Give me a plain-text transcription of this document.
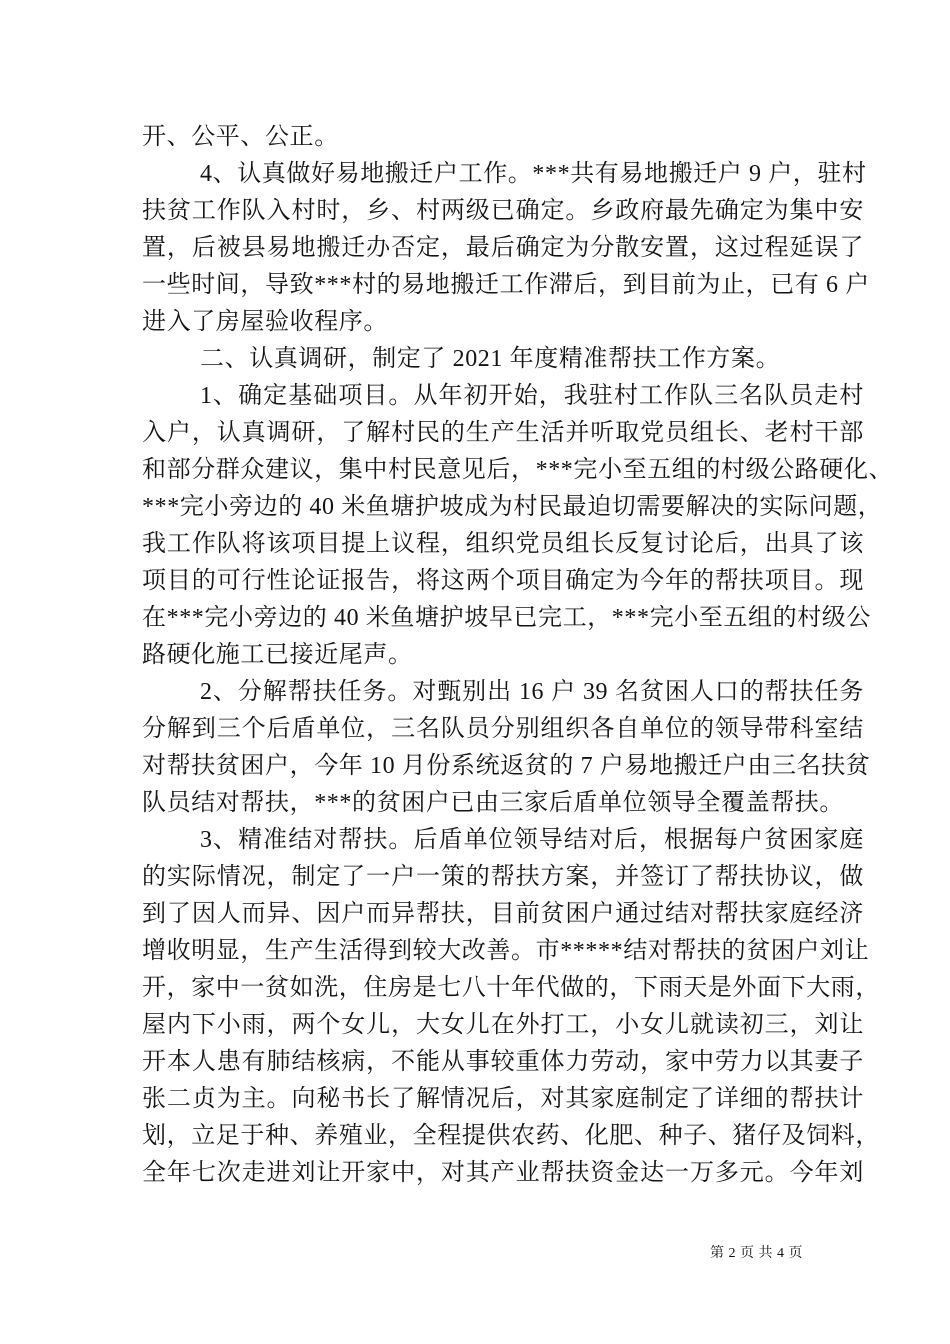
开、公平、公正。
4、认真做好易地搬迁户工作。***共有易地搬迁户 9 户，驻村
扶贫工作队入村时，乡、村两级已确定。乡政府最先确定为集中安
置，后被县易地搬迁办否定，最后确定为分散安置，这过程延误了
一些时间，导致***村的易地搬迁工作滞后，到目前为止，已有 6 户
进入了房屋验收程序。
二、认真调研，制定了 2021 年度精准帮扶工作方案。
1、确定基础项目。从年初开始，我驻村工作队三名队员走村
入户，认真调研，了解村民的生产生活并听取党员组长、老村干部
和部分群众建议，集中村民意见后，***完小至五组的村级公路硬化、
***完小旁边的 40 米鱼塘护坡成为村民最迫切需要解决的实际问题，
我工作队将该项目提上议程，组织党员组长反复讨论后，出具了该
项目的可行性论证报告，将这两个项目确定为今年的帮扶项目。现
在***完小旁边的 40 米鱼塘护坡早已完工，***完小至五组的村级公
路硬化施工已接近尾声。
2、分解帮扶任务。对甄别出 16 户 39 名贫困人口的帮扶任务
分解到三个后盾单位，三名队员分别组织各自单位的领导带科室结
对帮扶贫困户，今年 10 月份系统返贫的 7 户易地搬迁户由三名扶贫
队员结对帮扶，***的贫困户已由三家后盾单位领导全覆盖帮扶。
3、精准结对帮扶。后盾单位领导结对后，根据每户贫困家庭
的实际情况，制定了一户一策的帮扶方案，并签订了帮扶协议，做
到了因人而异、因户而异帮扶，目前贫困户通过结对帮扶家庭经济
增收明显，生产生活得到较大改善。市*****结对帮扶的贫困户刘让
开，家中一贫如洗，住房是七八十年代做的，下雨天是外面下大雨，
屋内下小雨，两个女儿，大女儿在外打工，小女儿就读初三，刘让
开本人患有肺结核病，不能从事较重体力劳动，家中劳力以其妻子
张二贞为主。向秘书长了解情况后，对其家庭制定了详细的帮扶计
划，立足于种、养殖业，全程提供农药、化肥、种子、猪仔及饲料，
全年七次走进刘让开家中，对其产业帮扶资金达一万多元。今年刘
第 2 页 共 4 页
